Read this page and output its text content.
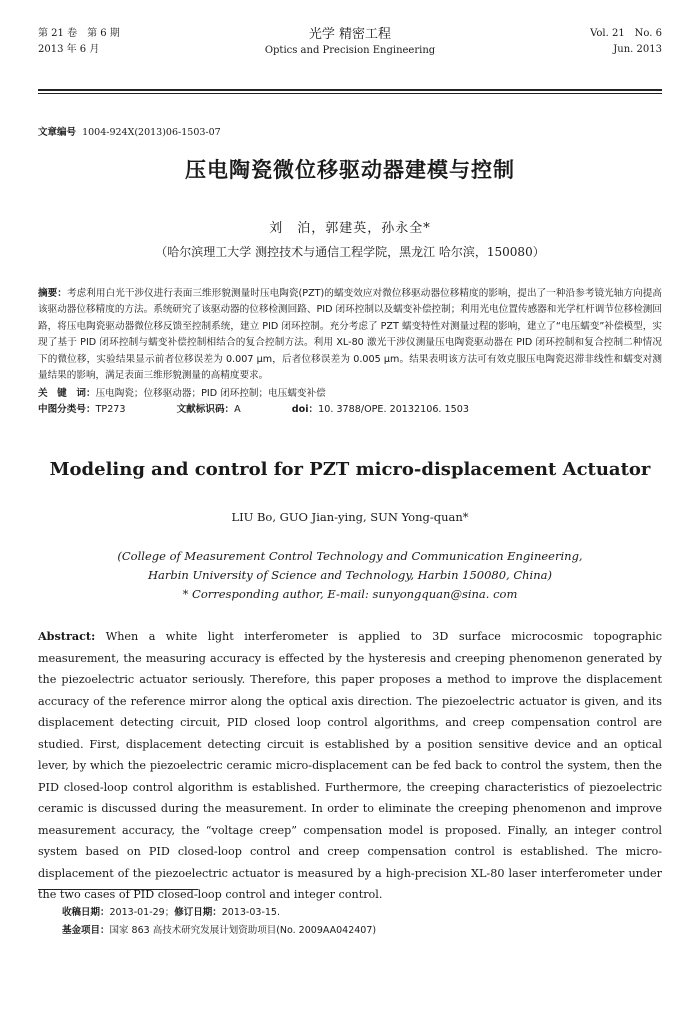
第 21 卷　第 6 期
2013 年 6 月
光学 精密工程
Optics and Precision Engineering
Vol. 21　No. 6
Jun. 2013
文章编号 1004-924X(2013)06-1503-07
压电陶瓷微位移驱动器建模与控制
刘　泊，郭建英，孙永全*
（哈尔滨理工大学 测控技术与通信工程学院，黑龙江 哈尔滨，150080）
摘要：考虑利用白光干涉仪进行表面三维形貌测量时压电陶瓷(PZT)的蠕变效应对微位移驱动器位移精度的影响，提出了一种沿参考镜光轴方向提高该驱动器位移精度的方法。系统研究了该驱动器的位移检测回路、PID 闭环控制以及蠕变补偿控制；利用光电位置传感器和光学杠杆调节位移检测回路，将压电陶瓷驱动器微位移反馈至控制系统，建立 PID 闭环控制。充分考虑了 PZT 蠕变特性对测量过程的影响，建立了“电压蠕变”补偿模型，实现了基于 PID 闭环控制与蠕变补偿控制相结合的复合控制方法。利用 XL-80 激光干涉仪测量压电陶瓷驱动器在 PID 闭环控制和复合控制二种情况下的微位移，实验结果显示前者位移误差为 0.007 μm，后者位移误差为 0.005 μm。结果表明该方法可有效克服压电陶瓷迟滞非线性和蠕变对测量结果的影响，满足表面三维形貌测量的高精度要求。
关　键　词：压电陶瓷；位移驱动器；PID 闭环控制；电压蠕变补偿
中图分类号：TP273	文献标识码：A	doi：10. 3788/OPE. 20132106. 1503
Modeling and control for PZT micro-displacement Actuator
LIU Bo, GUO Jian-ying, SUN Yong-quan*
(College of Measurement Control Technology and Communication Engineering,
Harbin University of Science and Technology, Harbin 150080, China)
* Corresponding author, E-mail: sunyongquan@sina. com
Abstract: When a white light interferometer is applied to 3D surface microcosmic topographic measurement, the measuring accuracy is effected by the hysteresis and creeping phenomenon generated by the piezoelectric actuator seriously. Therefore, this paper proposes a method to improve the displacement accuracy of the reference mirror along the optical axis direction. The piezoelectric actuator is given, and its displacement detecting circuit, PID closed loop control algorithms, and creep compensation control are studied. First, displacement detecting circuit is established by a position sensitive device and an optical lever, by which the piezoelectric ceramic micro-displacement can be fed back to control the system, then the PID closed-loop control algorithm is established. Furthermore, the creeping characteristics of piezoelectric ceramic is discussed during the measurement. In order to eliminate the creeping phenomenon and improve measurement accuracy, the “voltage creep” compensation model is proposed. Finally, an integer control system based on PID closed-loop control and creep compensation control is established. The micro-displacement of the piezoelectric actuator is measured by a high-precision XL-80 laser interferometer under the two cases of PID closed-loop control and integer control.
收稿日期：2013-01-29；修订日期：2013-03-15.
基金项目：国家 863 高技术研究发展计划资助项目(No. 2009AA042407)
